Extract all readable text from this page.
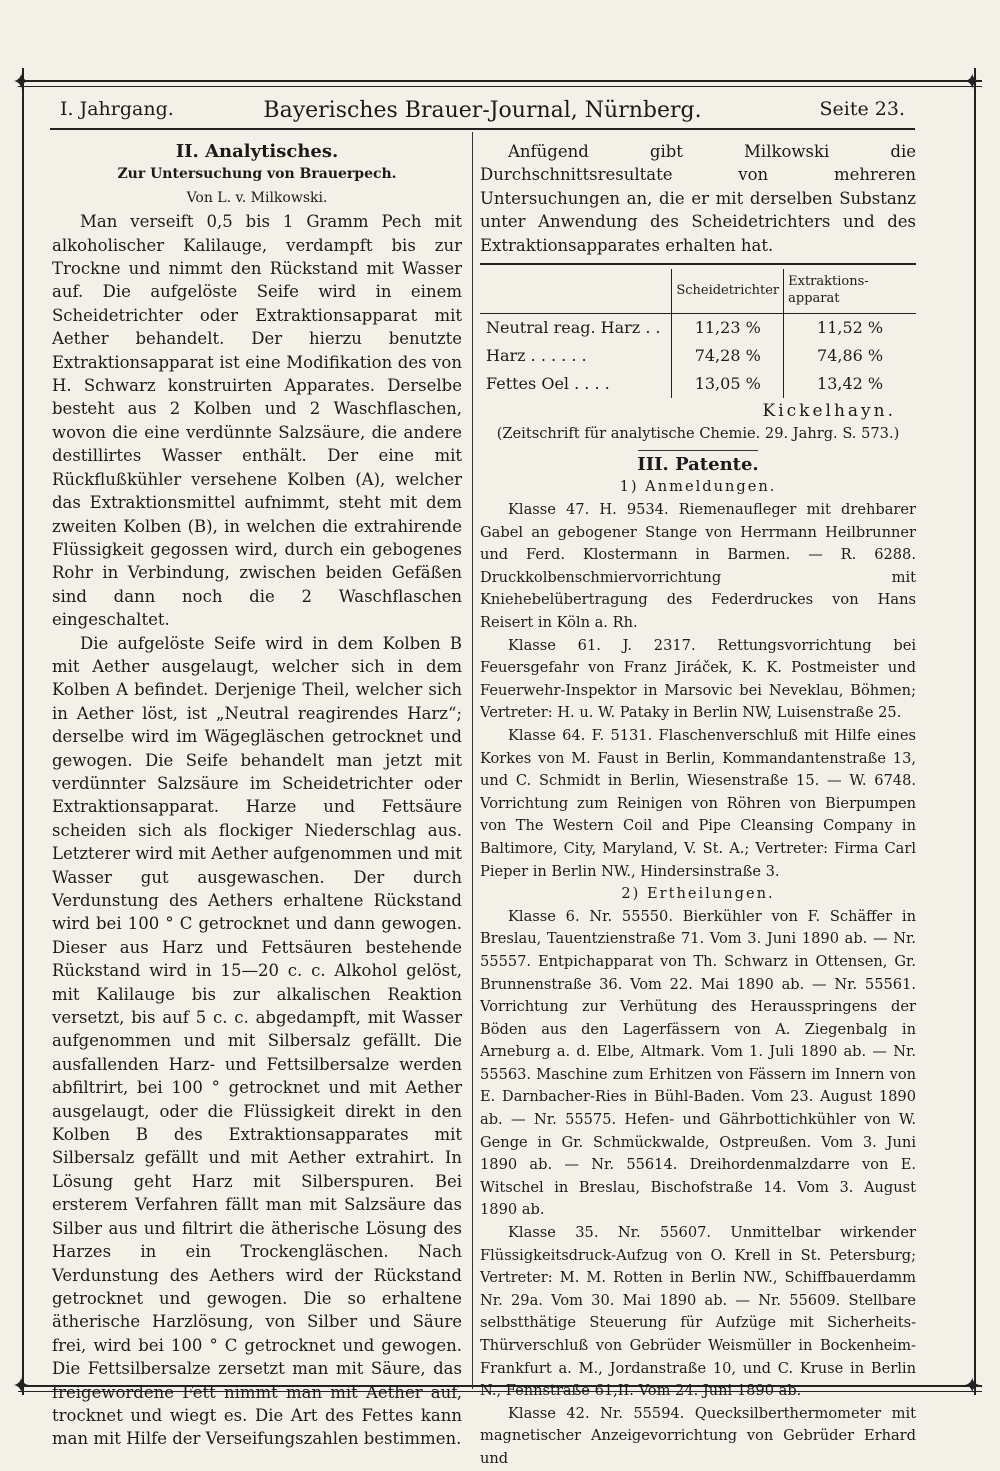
✦	✦
✦	✦
I. Jahrgang.	Bayerisches Brauer-Journal, Nürnberg.	Seite 23.

II. Analytisches.

Zur Untersuchung von Brauerpech.

Von L. v. Milkowski.

Man verseift 0,5 bis 1 Gramm Pech mit alkoholischer Kalilauge, verdampft bis zur Trockne und nimmt den Rückstand mit Wasser auf. Die aufgelöste Seife wird in einem Scheidetrichter oder Extraktionsapparat mit Aether behandelt. Der hierzu benutzte Extraktionsapparat ist eine Modifikation des von H. Schwarz konstruirten Apparates. Derselbe besteht aus 2 Kolben und 2 Waschflaschen, wovon die eine verdünnte Salzsäure, die andere destillirtes Wasser enthält. Der eine mit Rückflußkühler versehene Kolben (A), welcher das Extraktionsmittel aufnimmt, steht mit dem zweiten Kolben (B), in welchen die extrahirende Flüssigkeit gegossen wird, durch ein gebogenes Rohr in Verbindung, zwischen beiden Gefäßen sind dann noch die 2 Waschflaschen eingeschaltet.

Die aufgelöste Seife wird in dem Kolben B mit Aether ausgelaugt, welcher sich in dem Kolben A befindet. Derjenige Theil, welcher sich in Aether löst, ist „Neutral reagirendes Harz“; derselbe wird im Wägegläschen getrocknet und gewogen. Die Seife behandelt man jetzt mit verdünnter Salzsäure im Scheidetrichter oder Extraktionsapparat. Harze und Fettsäure scheiden sich als flockiger Niederschlag aus. Letzterer wird mit Aether aufgenommen und mit Wasser gut ausgewaschen. Der durch Verdunstung des Aethers erhaltene Rückstand wird bei 100 ° C getrocknet und dann gewogen. Dieser aus Harz und Fettsäuren bestehende Rückstand wird in 15—20 c. c. Alkohol gelöst, mit Kalilauge bis zur alkalischen Reaktion versetzt, bis auf 5 c. c. abgedampft, mit Wasser aufgenommen und mit Silbersalz gefällt. Die ausfallenden Harz- und Fettsilbersalze werden abfiltrirt, bei 100 ° getrocknet und mit Aether ausgelaugt, oder die Flüssigkeit direkt in den Kolben B des Extraktionsapparates mit Silbersalz gefällt und mit Aether extrahirt. In Lösung geht Harz mit Silberspuren. Bei ersterem Verfahren fällt man mit Salzsäure das Silber aus und filtrirt die ätherische Lösung des Harzes in ein Trockengläschen. Nach Verdunstung des Aethers wird der Rückstand getrocknet und gewogen. Die so erhaltene ätherische Harzlösung, von Silber und Säure frei, wird bei 100 ° C getrocknet und gewogen. Die Fettsilbersalze zersetzt man mit Säure, das freigewordene Fett nimmt man mit Aether auf, trocknet und wiegt es. Die Art des Fettes kann man mit Hilfe der Verseifungszahlen bestimmen.

Anfügend gibt Milkowski die Durchschnittsresultate von mehreren Untersuchungen an, die er mit derselben Substanz unter Anwendung des Scheidetrichters und des Extraktionsapparates erhalten hat.

	Scheidetrichter	Extraktions-apparat
Neutral reag. Harz . .	11,23 %	11,52 %
Harz . . . . . .	74,28 %	74,86 %
Fettes Oel . . . .	13,05 %	13,42 %

Kickelhayn.

(Zeitschrift für analytische Chemie. 29. Jahrg. S. 573.)

III. Patente.

1) Anmeldungen.

Klasse 47. H. 9534. Riemenaufleger mit drehbarer Gabel an gebogener Stange von Herrmann Heilbrunner und Ferd. Klostermann in Barmen. — R. 6288. Druckkolbenschmiervorrichtung mit Kniehebelübertragung des Federdruckes von Hans Reisert in Köln a. Rh.

Klasse 61. J. 2317. Rettungsvorrichtung bei Feuersgefahr von Franz Jiráček, K. K. Postmeister und Feuerwehr-Inspektor in Marsovic bei Neveklau, Böhmen; Vertreter: H. u. W. Pataky in Berlin NW, Luisenstraße 25.

Klasse 64. F. 5131. Flaschenverschluß mit Hilfe eines Korkes von M. Faust in Berlin, Kommandantenstraße 13, und C. Schmidt in Berlin, Wiesenstraße 15. — W. 6748. Vorrichtung zum Reinigen von Röhren von Bierpumpen von The Western Coil and Pipe Cleansing Company in Baltimore, City, Maryland, V. St. A.; Vertreter: Firma Carl Pieper in Berlin NW., Hindersinstraße 3.

2) Ertheilungen.

Klasse 6. Nr. 55550. Bierkühler von F. Schäffer in Breslau, Tauentzienstraße 71. Vom 3. Juni 1890 ab. — Nr. 55557. Entpichapparat von Th. Schwarz in Ottensen, Gr. Brunnenstraße 36. Vom 22. Mai 1890 ab. — Nr. 55561. Vorrichtung zur Verhütung des Herausspringens der Böden aus den Lagerfässern von A. Ziegenbalg in Arneburg a. d. Elbe, Altmark. Vom 1. Juli 1890 ab. — Nr. 55563. Maschine zum Erhitzen von Fässern im Innern von E. Darnbacher-Ries in Bühl-Baden. Vom 23. August 1890 ab. — Nr. 55575. Hefen- und Gährbottichkühler von W. Genge in Gr. Schmückwalde, Ostpreußen. Vom 3. Juni 1890 ab. — Nr. 55614. Dreihordenmalzdarre von E. Witschel in Breslau, Bischofstraße 14. Vom 3. August 1890 ab.

Klasse 35. Nr. 55607. Unmittelbar wirkender Flüssigkeitsdruck-Aufzug von O. Krell in St. Petersburg; Vertreter: M. M. Rotten in Berlin NW., Schiffbauerdamm Nr. 29a. Vom 30. Mai 1890 ab. — Nr. 55609. Stellbare selbstthätige Steuerung für Aufzüge mit Sicherheits-Thürverschluß von Gebrüder Weismüller in Bockenheim-Frankfurt a. M., Jordanstraße 10, und C. Kruse in Berlin N., Fennstraße 61,II. Vom 24. Juni 1890 ab.

Klasse 42. Nr. 55594. Quecksilberthermometer mit magnetischer Anzeigevorrichtung von Gebrüder Erhard und
